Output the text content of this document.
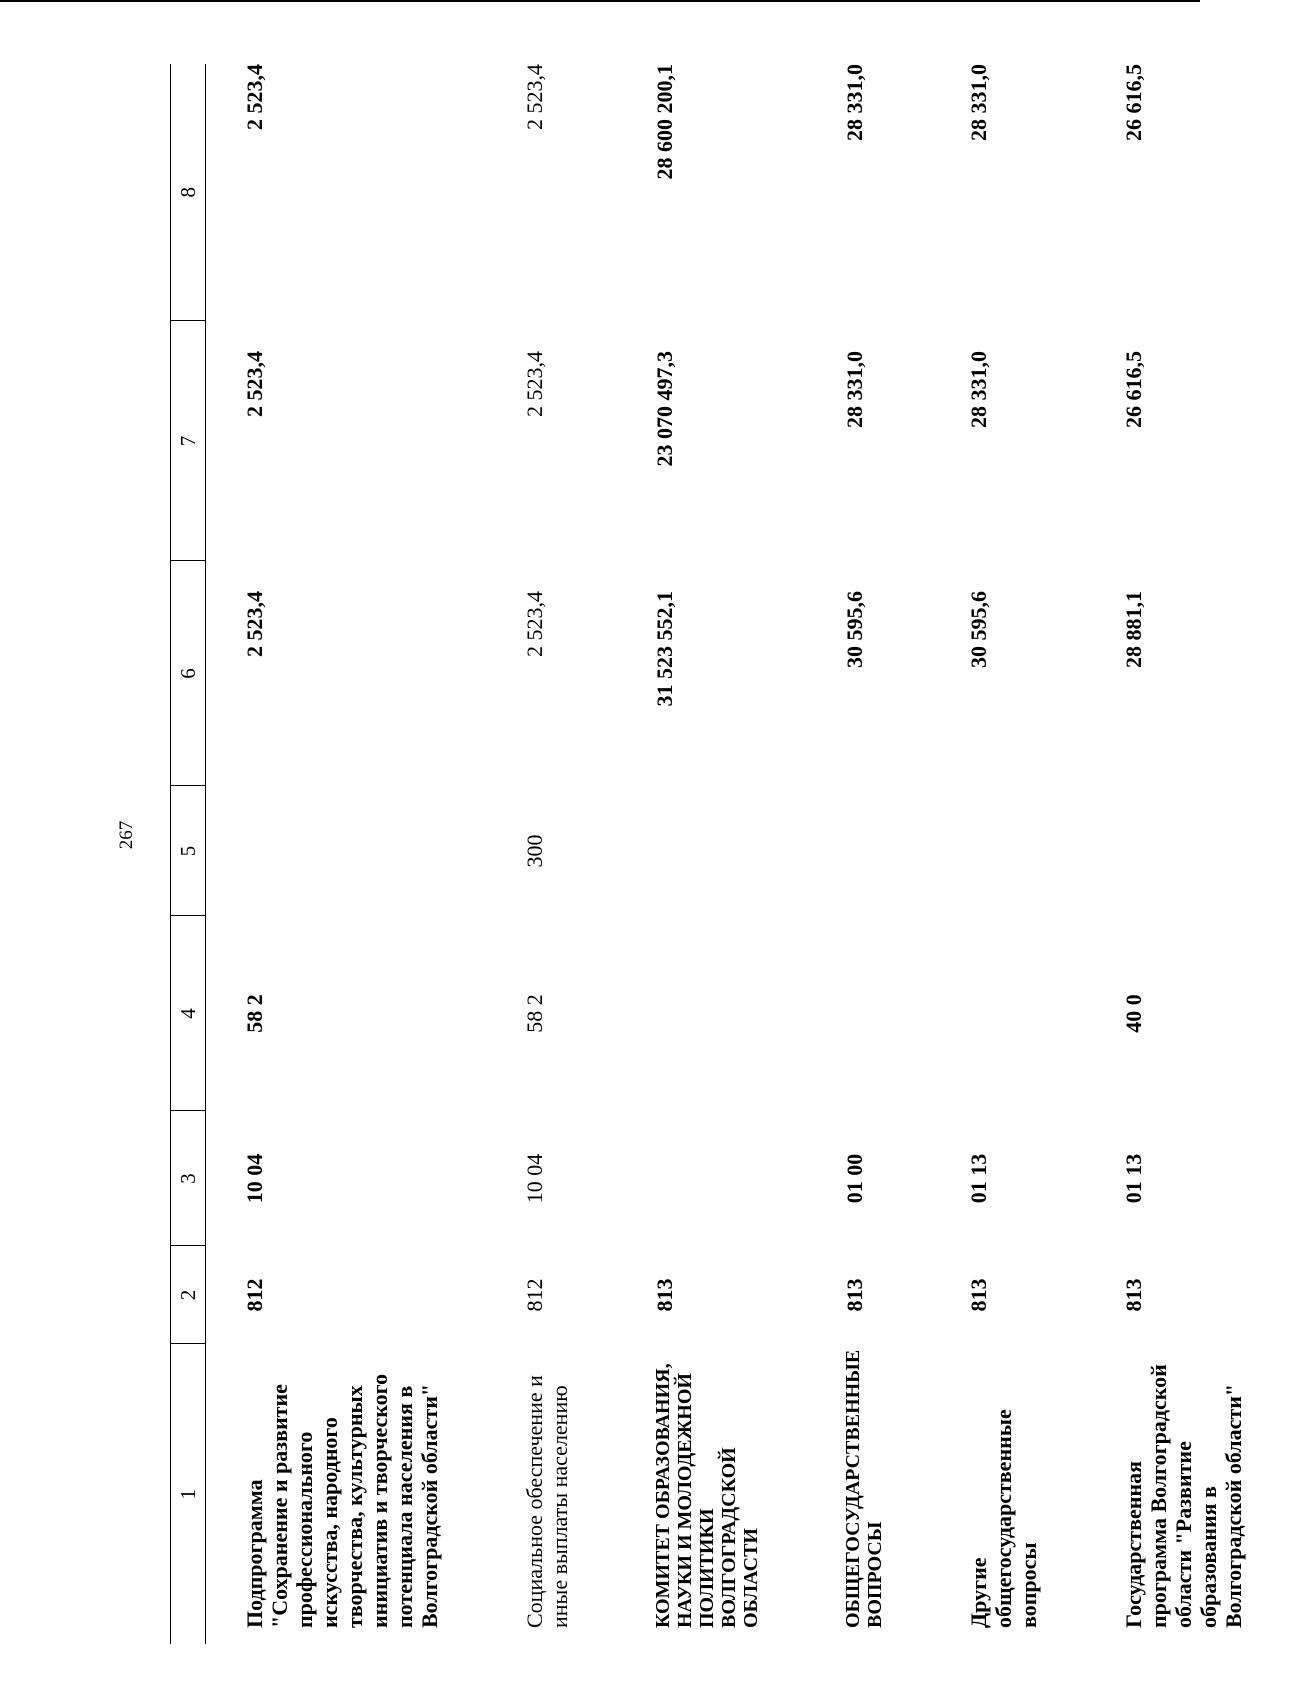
267
1	2	3	4	5	6	7	8
Подпрограмма "Сохранение и развитие профессионального искусства, народного творчества, культурных инициатив и творческого потенциала населения в Волгоградской области"	812	10 04	58 2		2 523,4	2 523,4	2 523,4
Социальное обеспечение и иные выплаты населению	812	10 04	58 2	300	2 523,4	2 523,4	2 523,4
КОМИТЕТ ОБРАЗОВАНИЯ, НАУКИ И МОЛОДЕЖНОЙ ПОЛИТИКИ ВОЛГОГРАДСКОЙ ОБЛАСТИ	813				31 523 552,1	23 070 497,3	28 600 200,1
ОБЩЕГОСУДАРСТВЕННЫЕ ВОПРОСЫ	813	01 00			30 595,6	28 331,0	28 331,0
Другие общегосударственные вопросы	813	01 13			30 595,6	28 331,0	28 331,0
Государственная программа Волгоградской области "Развитие образования в Волгоградской области"	813	01 13	40 0		28 881,1	26 616,5	26 616,5
